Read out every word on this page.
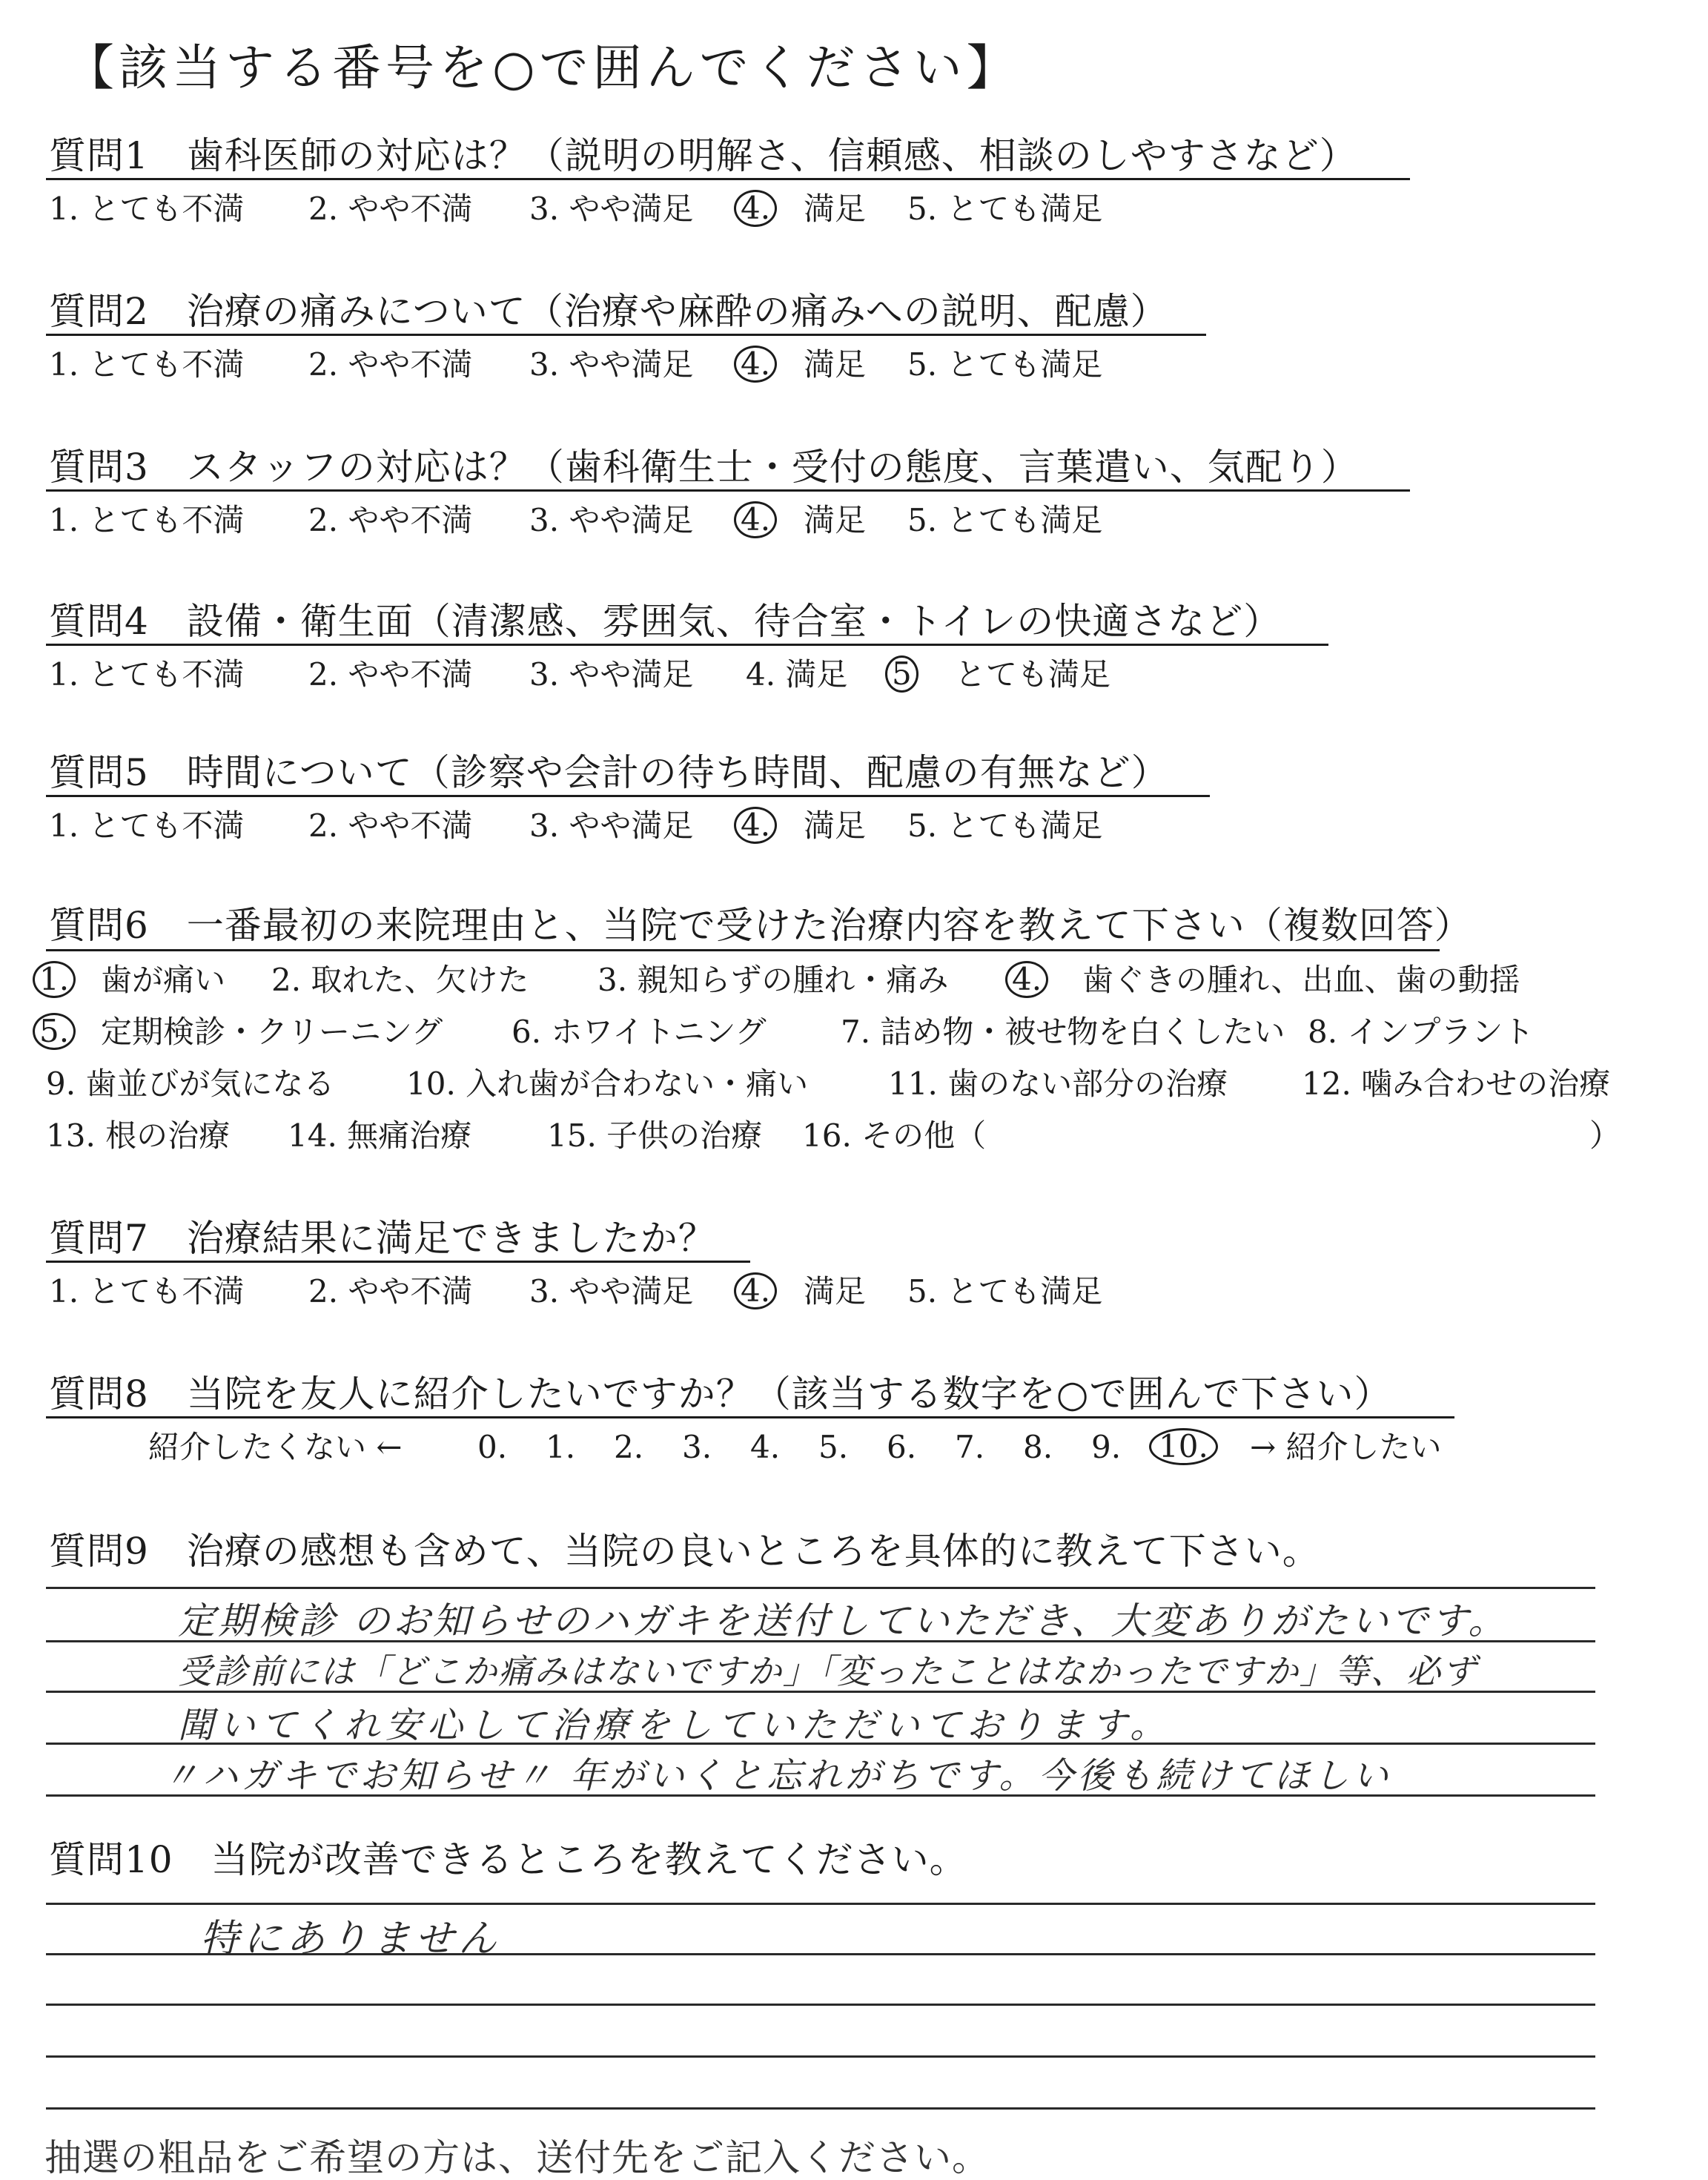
【該当する番号を○で囲んでください】
質問1　歯科医師の対応は？（説明の明解さ、信頼感、相談のしやすさなど）
1. とても不満 2. やや不満 3. やや満足 4. 満足 5. とても満足
質問2　治療の痛みについて（治療や麻酔の痛みへの説明、配慮）
1. とても不満 2. やや不満 3. やや満足 4. 満足 5. とても満足
質問3　スタッフの対応は？（歯科衛生士・受付の態度、言葉遣い、気配り）
1. とても不満 2. やや不満 3. やや満足 4. 満足 5. とても満足
質問4　設備・衛生面（清潔感、雰囲気、待合室・トイレの快適さなど）
1. とても不満 2. やや不満 3. やや満足 4. 満足 5 とても満足
質問5　時間について（診察や会計の待ち時間、配慮の有無など）
1. とても不満 2. やや不満 3. やや満足 4. 満足 5. とても満足
質問6　一番最初の来院理由と、当院で受けた治療内容を教えて下さい（複数回答）
1. 歯が痛い 2. 取れた、欠けた 3. 親知らずの腫れ・痛み 4. 歯ぐきの腫れ、出血、歯の動揺
5. 定期検診・クリーニング 6. ホワイトニング 7. 詰め物・被せ物を白くしたい 8. インプラント
9. 歯並びが気になる 10. 入れ歯が合わない・痛い	11. 歯のない部分の治療 12. 噛み合わせの治療
13. 根の治療 14. 無痛治療 15. 子供の治療 16. その他（	）
質問7　治療結果に満足できましたか？
1. とても不満 2. やや不満 3. やや満足 4. 満足 5. とても満足
質問8　当院を友人に紹介したいですか？（該当する数字を○で囲んで下さい）
紹介したくない ← 0. 1. 2. 3. 4. 5. 6. 7. 8. 9.	10.	→ 紹介したい
質問9　治療の感想も含めて、当院の良いところを具体的に教えて下さい。
定期検診 のお知らせのハガキを送付していただき、大変ありがたいです。
受診前には「どこか痛みはないですか」「変ったことはなかったですか」等、必ず
聞いてくれ安心して治療をしていただいております。
〃ハガキでお知らせ〃 年がいくと忘れがちです。今後も続けてほしい
質問10　当院が改善できるところを教えてください。
特にありません
抽選の粗品をご希望の方は、送付先をご記入ください。
